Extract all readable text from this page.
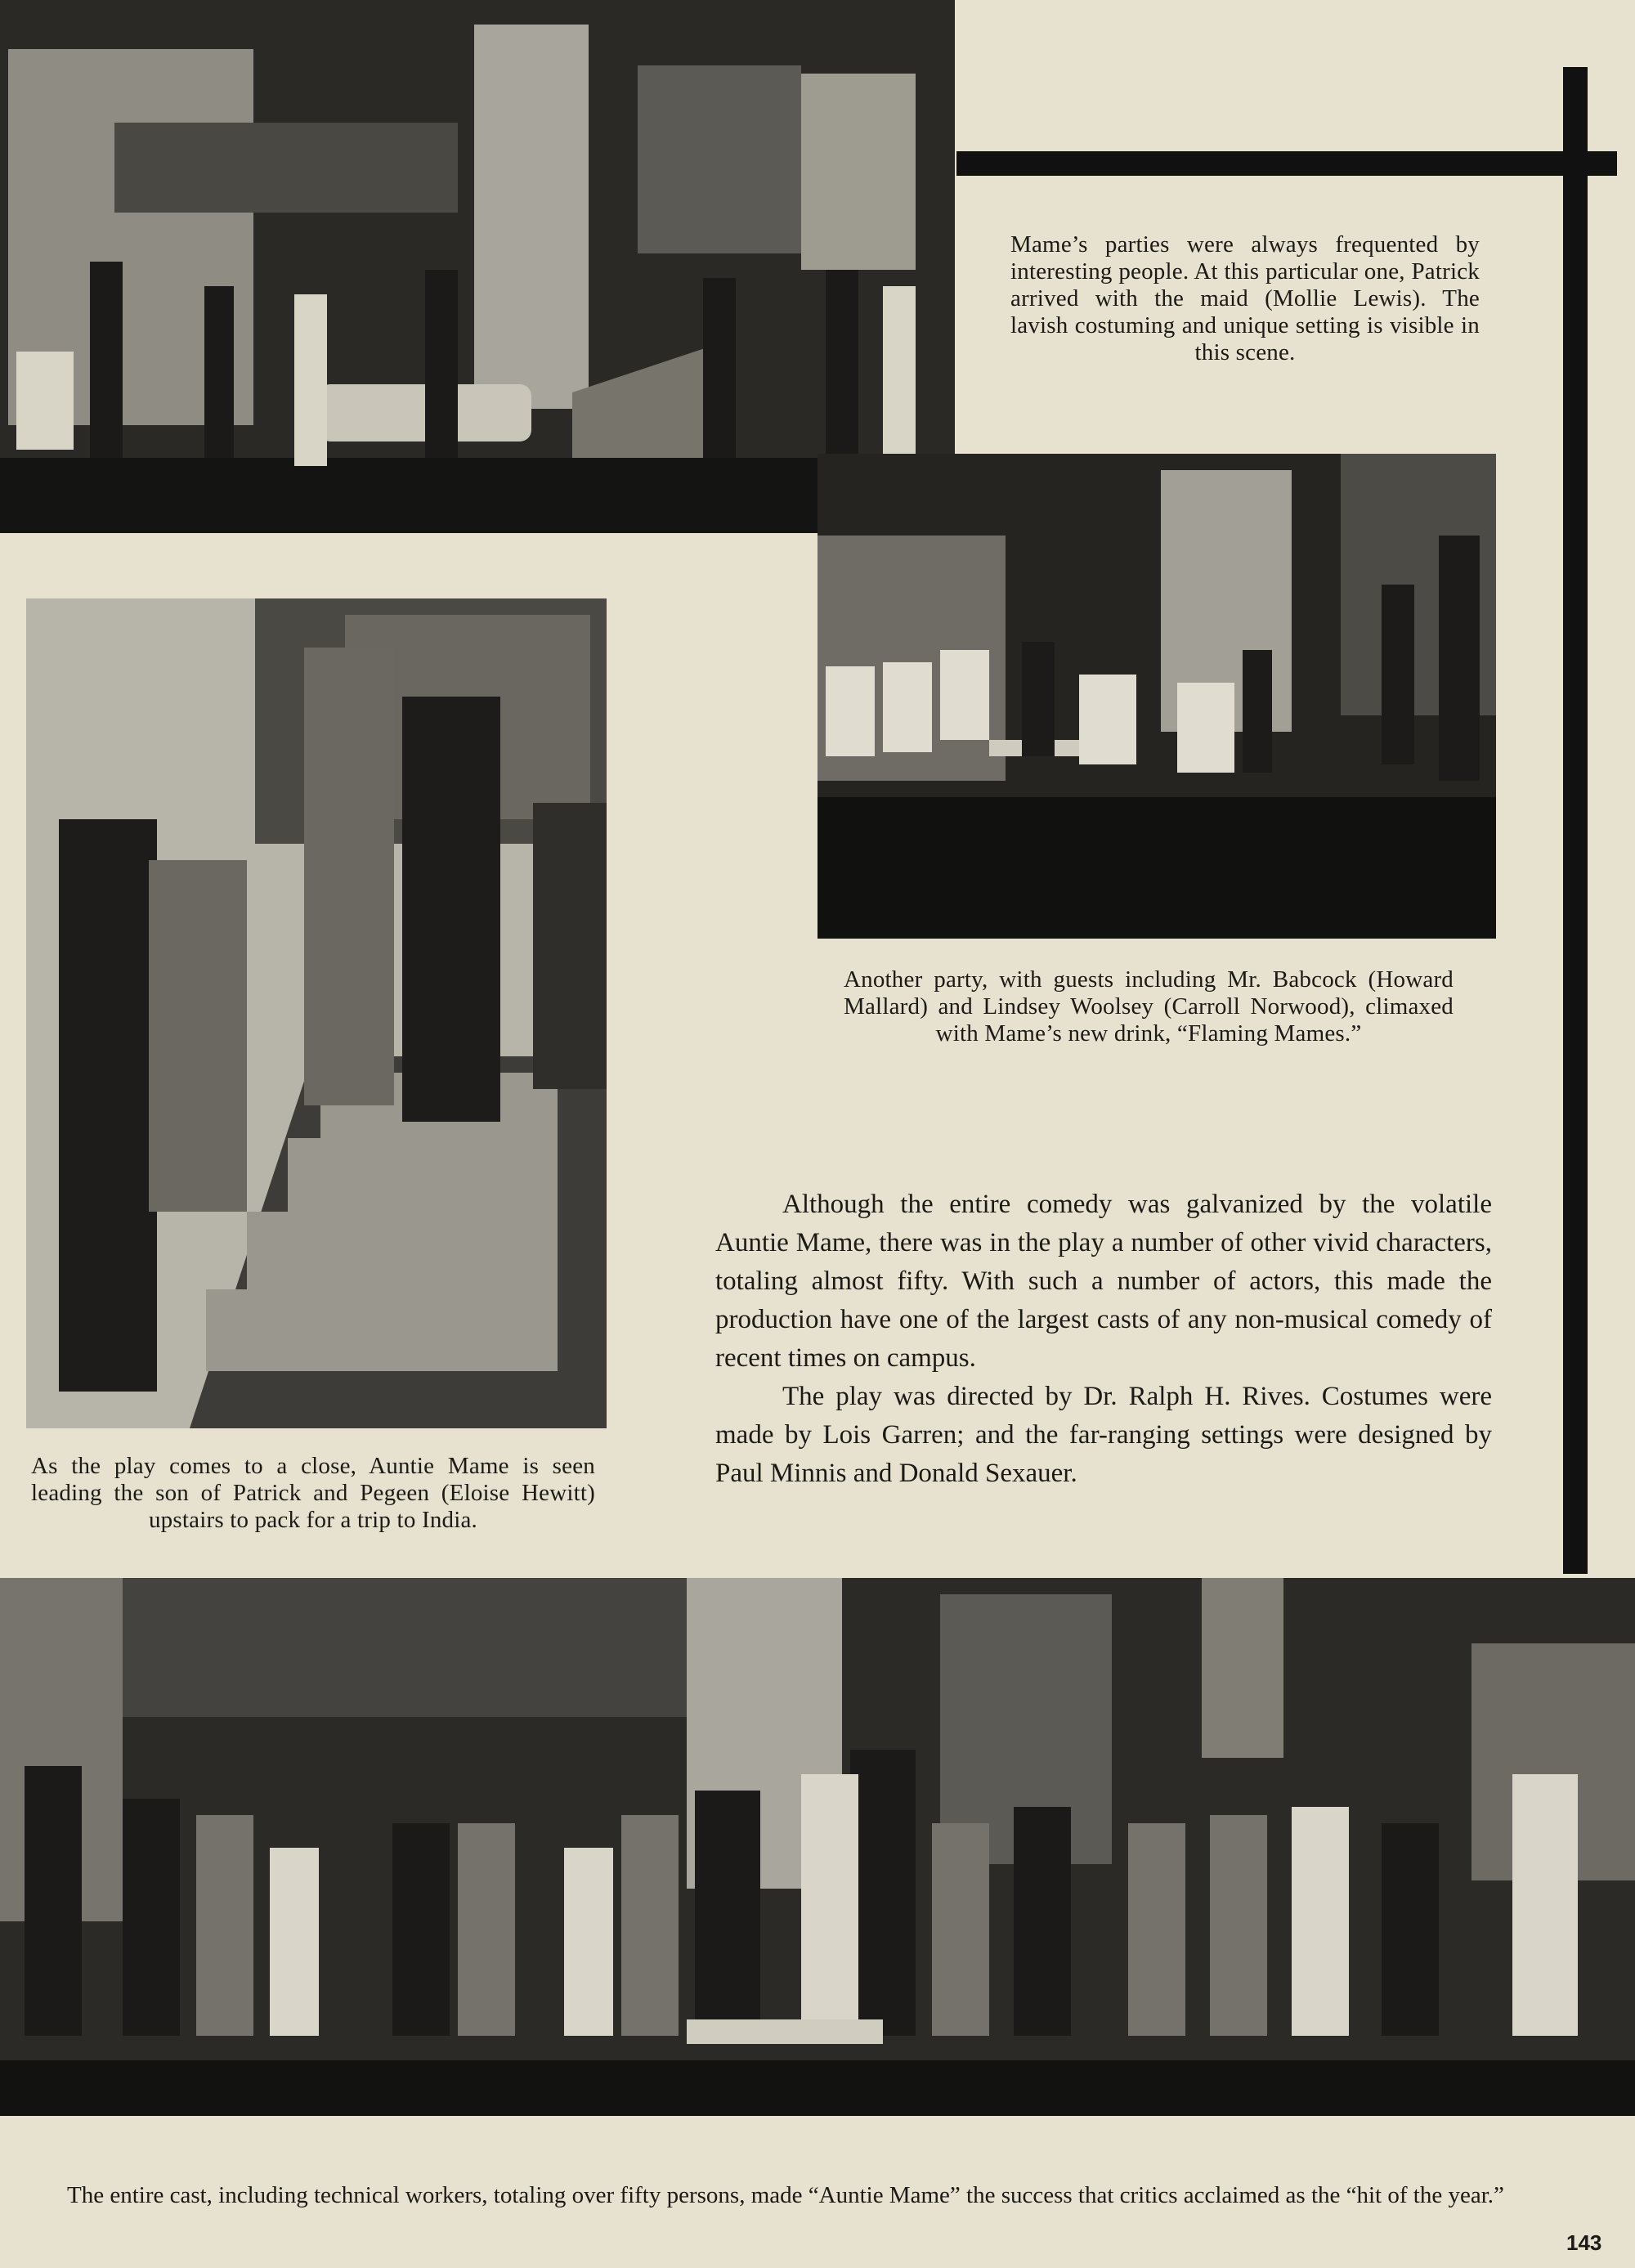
Mame’s parties were always frequented by interesting people. At this particular one, Patrick arrived with the maid (Mollie Lewis). The lavish costuming and unique setting is visible in this scene.
Another party, with guests including Mr. Babcock (Howard Mallard) and Lindsey Woolsey (Carroll Norwood), climaxed with Mame’s new drink, “Flaming Mames.”
As the play comes to a close, Auntie Mame is seen leading the son of Patrick and Pegeen (Eloise Hewitt) upstairs to pack for a trip to India.

Although the entire comedy was galvanized by the volatile Auntie Mame, there was in the play a number of other vivid characters, totaling almost fifty. With such a number of actors, this made the production have one of the largest casts of any non-musical comedy of recent times on campus.

The play was directed by Dr. Ralph H. Rives. Costumes were made by Lois Garren; and the far-ranging settings were designed by Paul Minnis and Donald Sexauer.

The entire cast, including technical workers, totaling over fifty persons, made “Auntie Mame” the success that critics acclaimed as the “hit of the year.”
143
